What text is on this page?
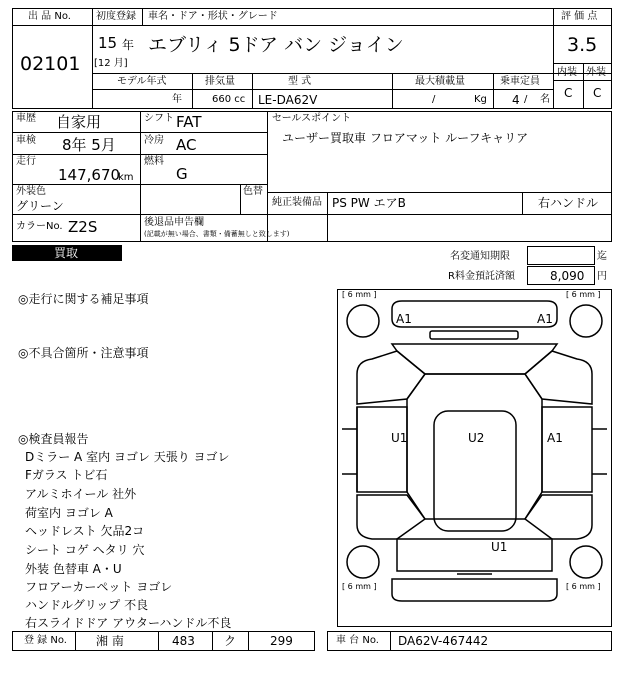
出 品 No.
02101
初度登録 車名・ドア・形状・グレード
15 年
[12 月]
エブリィ 5ドア バン ジョイン
評 価 点
3.5
内装 外装
C C
モデル年式	排気量	型 式	最大積載量	乗車定員
年	660 cc LE-DA62V	/	Kg 4 / 名
車歴 自家用	シフト FAT
車検 8年 5月	冷房 AC
走行
147,670
km
燃料
G
外装色
グリーン
色替
カラーNo. Z2S	後退品申告欄
(記載が無い場合、書類・備蓄無しと致します)
セールスポイント
ユーザー買取車 フロアマット ルーフキャリア
純正装備品 PS PW エアB	右ハンドル
買取	名変通知期限	迄
R料金預託済額	8,090 円
◎走行に関する補足事項
◎不具合箇所・注意事項
◎検査員報告
Dミラー A 室内 ヨゴレ 天張り ヨゴレ
Fガラス トビ石
アルミホイール 社外
荷室内 ヨゴレ A
ヘッドレスト 欠品2コ
シート コゲ ヘタリ 穴
外装 色替車 A・U
フロアーカーペット ヨゴレ
ハンドルグリップ 不良
右スライドドア アウターハンドル不良
[ 6 mm ]	[ 6 mm ]
[ 6 mm ]	[ 6 mm ]
A1	A1
U1	U2	A1
U1
登 録 No. 湘 南	483 ク	299	車 台 No. DA62V-467442
